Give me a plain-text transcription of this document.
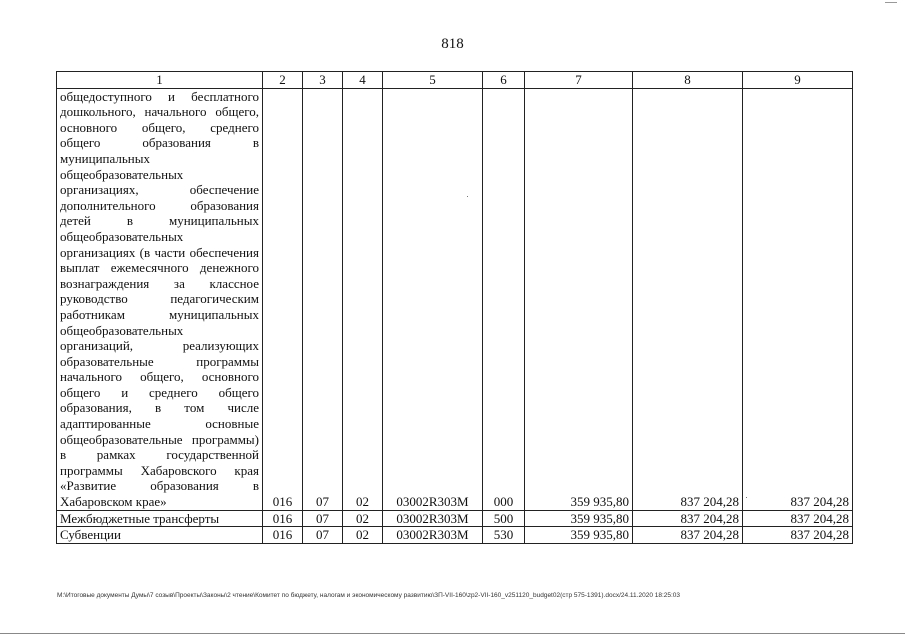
818
1	2	3	4	5	6	7	8	9

общедоступного и бесплатного дошкольного, начального общего, основного общего, среднего общего образования в муниципальных общеобразовательных организациях, обеспечение дополнительного образования детей в муниципальных общеобразовательных организациях (в части обеспечения выплат ежемесячного денежного вознаграждения за классное руководство педагогическим работникам муниципальных общеобразовательных организаций, реализующих образовательные программы начального общего, основного общего и среднего общего образования, в том числе адаптированные основные общеобразовательные программы) в рамках государственной программы Хабаровского края «Развитие образования в Хабаровском крае»	016	07	02	03002R303M	000	359 935,80	837 204,28	837 204,28
Межбюджетные трансферты	016	07	02	03002R303M	500	359 935,80	837 204,28	837 204,28
Субвенции	016	07	02	03002R303M	530	359 935,80	837 204,28	837 204,28
M:\Итоговые документы Думы\7 созыв\Проекты\Законы\2 чтение\Комитет по бюджету, налогам и экономическому развитию\ЗП-VII-160\zp2-VII-160_v251120_budget02(стр 575-1391).docx/24.11.2020 18:25:03
